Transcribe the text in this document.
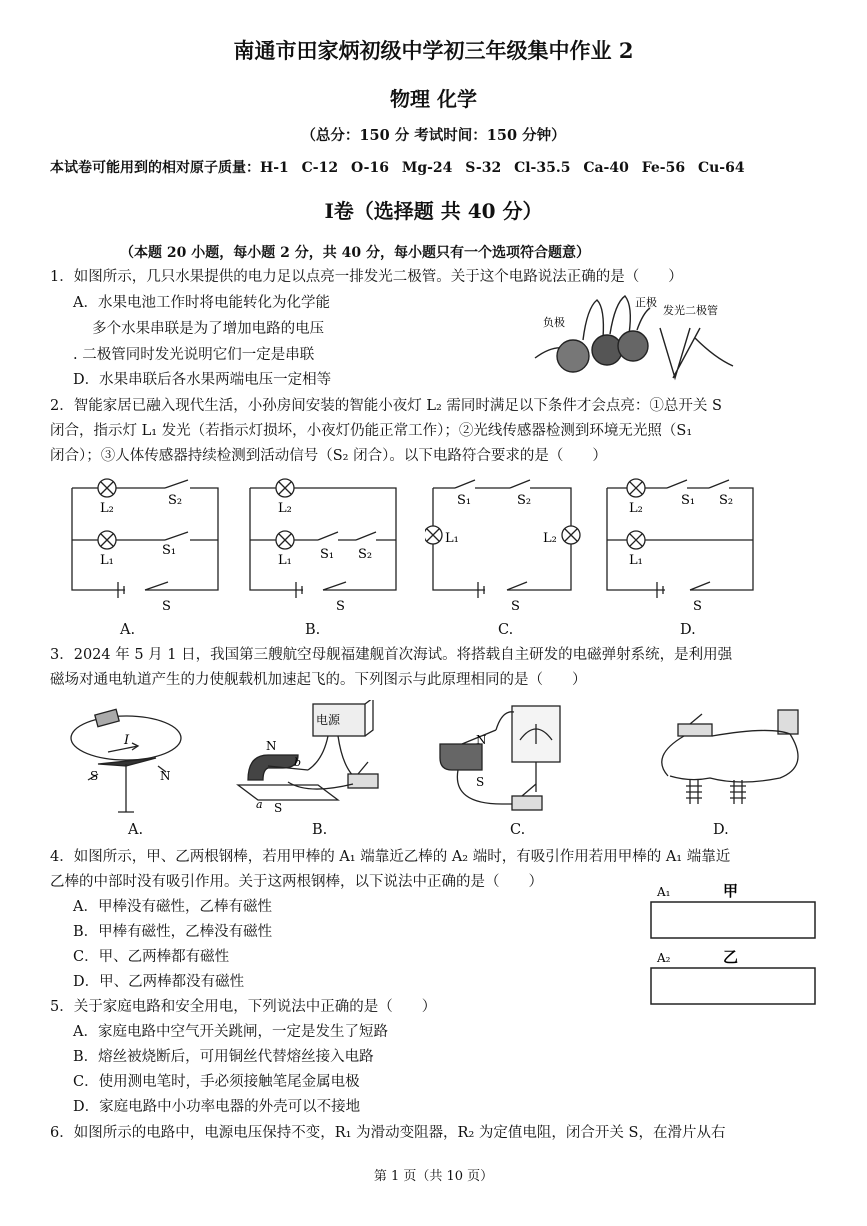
南通市田家炳初级中学初三年级集中作业 2
物理 化学
（总分：150 分 考试时间：150 分钟）
本试卷可能用到的相对原子质量：H-1 C-12 O-16 Mg-24 S-32 Cl-35.5 Ca-40 Fe-56 Cu-64
Ⅰ卷（选择题 共 40 分）
（本题 20 小题，每小题 2 分，共 40 分，每小题只有一个选项符合题意）
1．如图所示，几只水果提供的电力足以点亮一排发光二极管。关于这个电路说法正确的是（　　）
A．水果电池工作时将电能转化为化学能
　 多个水果串联是为了增加电路的电压
. 二极管同时发光说明它们一定是串联
D．水果串联后各水果两端电压一定相等
负极
正极
发光二极管
2．智能家居已融入现代生活，小孙房间安装的智能小夜灯 L₂ 需同时满足以下条件才会点亮：①总开关 S
闭合，指示灯 L₁ 发光（若指示灯损坏，小夜灯仍能正常工作）；②光线传感器检测到环境无光照（S₁
闭合）；③人体传感器持续检测到活动信号（S₂ 闭合）。以下电路符合要求的是（　　）
L₂
S₂
L₁
S₁
S
L₂
L₁ S₁ S₂
S
S₁	S₂
L₁	L₂
S
L₂
S₁ S₂
L₁
S
A.	B.	C.	D.
3．2024 年 5 月 1 日，我国第三艘航空母舰福建舰首次海试。将搭载自主研发的电磁弹射系统，是利用强
磁场对通电轨道产生的力使舰载机加速起飞的。下列图示与此原理相同的是（　　）
I
S	N
电源
N
b
a S
N
S
A.	B.	C.	D.
4．如图所示，甲、乙两根钢棒，若用甲棒的 A₁ 端靠近乙棒的 A₂ 端时，有吸引作用若用甲棒的 A₁ 端靠近
乙棒的中部时没有吸引作用。关于这两根钢棒，以下说法中正确的是（　　）
A．甲棒没有磁性，乙棒有磁性
B．甲棒有磁性，乙棒没有磁性
C．甲、乙两棒都有磁性
D．甲、乙两棒都没有磁性
A₁	甲
A₂	乙
5．关于家庭电路和安全用电，下列说法中正确的是（　　）
A．家庭电路中空气开关跳闸，一定是发生了短路
B．熔丝被烧断后，可用铜丝代替熔丝接入电路
C．使用测电笔时，手必须接触笔尾金属电极
D．家庭电路中小功率电器的外壳可以不接地
6．如图所示的电路中，电源电压保持不变，R₁ 为滑动变阻器，R₂ 为定值电阻，闭合开关 S，在滑片从右
第 1 页（共 10 页）
